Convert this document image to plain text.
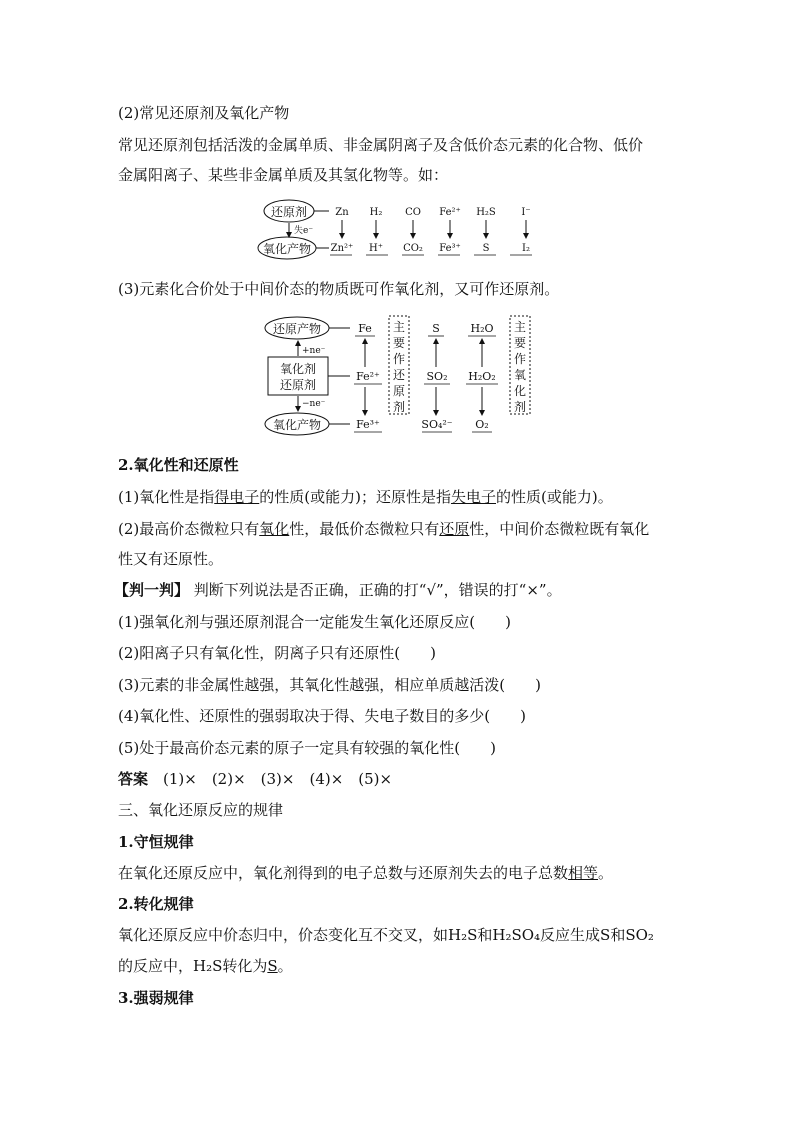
(2)常见还原剂及氧化产物
常见还原剂包括活泼的金属单质、非金属阴离子及含低价态元素的化合物、低价
金属阳离子、某些非金属单质及其氢化物等。如：
还原剂
氧化产物
失e⁻
Zn
Zn²⁺
H₂
H⁺
CO
CO₂
Fe²⁺
Fe³⁺
H₂S
S
I⁻
I₂
(3)元素化合价处于中间价态的物质既可作氧化剂，又可作还原剂。
还原产物
氧化剂
还原剂
氧化产物
+ne⁻
−ne⁻
Fe
Fe²⁺
Fe³⁺
主
要
作
还
原
剂
S
SO₂
SO₄²⁻
H₂O
H₂O₂
O₂
主
要
作
氧
化
剂
2.氧化性和还原性
(1)氧化性是指得电子的性质(或能力)；还原性是指失电子的性质(或能力)。
(2)最高价态微粒只有氧化性，最低价态微粒只有还原性，中间价态微粒既有氧化
性又有还原性。
【判一判】 判断下列说法是否正确，正确的打“√”，错误的打“×”。
(1)强氧化剂与强还原剂混合一定能发生氧化还原反应(　　)
(2)阳离子只有氧化性，阴离子只有还原性(　　)
(3)元素的非金属性越强，其氧化性越强，相应单质越活泼(　　)
(4)氧化性、还原性的强弱取决于得、失电子数目的多少(　　)
(5)处于最高价态元素的原子一定具有较强的氧化性(　　)
答案　(1)×　(2)×　(3)×　(4)×　(5)×
三、氧化还原反应的规律
1.守恒规律
在氧化还原反应中，氧化剂得到的电子总数与还原剂失去的电子总数相等。
2.转化规律
氧化还原反应中价态归中，价态变化互不交叉，如H₂S和H₂SO₄反应生成S和SO₂
的反应中，H₂S转化为S。
3.强弱规律
